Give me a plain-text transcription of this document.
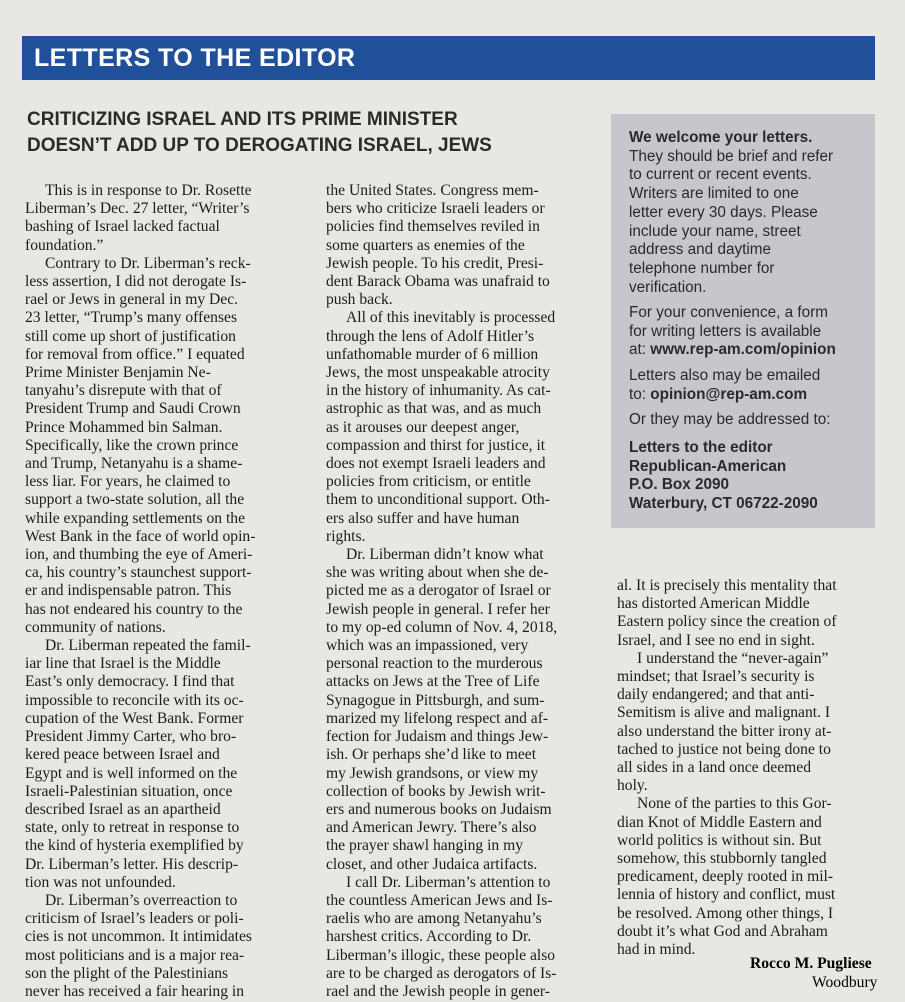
LETTERS TO THE EDITOR
CRITICIZING ISRAEL AND ITS PRIME MINISTER
DOESN’T ADD UP TO DEROGATING ISRAEL, JEWS	We welcome your letters.
They should be brief and refer
to current or recent events.
Writers are limited to one
letter every 30 days. Please
include your name, street
address and daytime
telephone number for
verification.
For your convenience, a form
for writing letters is available
at: www.rep-am.com/opinion
Letters also may be emailed
to: opinion@rep-am.com
Or they may be addressed to:
Letters to the editor
Republican-American
P.O. Box 2090
Waterbury, CT 06722-2090

This is in response to Dr. Rosette
Liberman’s Dec. 27 letter, “Writer’s
bashing of Israel lacked factual
foundation.”

Contrary to Dr. Liberman’s reck-
less assertion, I did not derogate Is-
rael or Jews in general in my Dec.
23 letter, “Trump’s many offenses
still come up short of justification
for removal from office.” I equated
Prime Minister Benjamin Ne-
tanyahu’s disrepute with that of
President Trump and Saudi Crown
Prince Mohammed bin Salman.
Specifically, like the crown prince
and Trump, Netanyahu is a shame-
less liar. For years, he claimed to
support a two-state solution, all the
while expanding settlements on the
West Bank in the face of world opin-
ion, and thumbing the eye of Ameri-
ca, his country’s staunchest support-
er and indispensable patron. This
has not endeared his country to the
community of nations.

Dr. Liberman repeated the famil-
iar line that Israel is the Middle
East’s only democracy. I find that
impossible to reconcile with its oc-
cupation of the West Bank. Former
President Jimmy Carter, who bro-
kered peace between Israel and
Egypt and is well informed on the
Israeli-Palestinian situation, once
described Israel as an apartheid
state, only to retreat in response to
the kind of hysteria exemplified by
Dr. Liberman’s letter. His descrip-
tion was not unfounded.

Dr. Liberman’s overreaction to
criticism of Israel’s leaders or poli-
cies is not uncommon. It intimidates
most politicians and is a major rea-
son the plight of the Palestinians
never has received a fair hearing in

the United States. Congress mem-
bers who criticize Israeli leaders or
policies find themselves reviled in
some quarters as enemies of the
Jewish people. To his credit, Presi-
dent Barack Obama was unafraid to
push back.

All of this inevitably is processed
through the lens of Adolf Hitler’s
unfathomable murder of 6 million
Jews, the most unspeakable atrocity
in the history of inhumanity. As cat-
astrophic as that was, and as much
as it arouses our deepest anger,
compassion and thirst for justice, it
does not exempt Israeli leaders and
policies from criticism, or entitle
them to unconditional support. Oth-
ers also suffer and have human
rights.

Dr. Liberman didn’t know what
she was writing about when she de-
picted me as a derogator of Israel or
Jewish people in general. I refer her
to my op-ed column of Nov. 4, 2018,
which was an impassioned, very
personal reaction to the murderous
attacks on Jews at the Tree of Life
Synagogue in Pittsburgh, and sum-
marized my lifelong respect and af-
fection for Judaism and things Jew-
ish. Or perhaps she’d like to meet
my Jewish grandsons, or view my
collection of books by Jewish writ-
ers and numerous books on Judaism
and American Jewry. There’s also
the prayer shawl hanging in my
closet, and other Judaica artifacts.

I call Dr. Liberman’s attention to
the countless American Jews and Is-
raelis who are among Netanyahu’s
harshest critics. According to Dr.
Liberman’s illogic, these people also
are to be charged as derogators of Is-
rael and the Jewish people in gener-

al. It is precisely this mentality that
has distorted American Middle
Eastern policy since the creation of
Israel, and I see no end in sight.

I understand the “never-again”
mindset; that Israel’s security is
daily endangered; and that anti-
Semitism is alive and malignant. I
also understand the bitter irony at-
tached to justice not being done to
all sides in a land once deemed
holy.

None of the parties to this Gor-
dian Knot of Middle Eastern and
world politics is without sin. But
somehow, this stubbornly tangled
predicament, deeply rooted in mil-
lennia of history and conflict, must
be resolved. Among other things, I
doubt it’s what God and Abraham
had in mind.

Rocco M. Pugliese
Woodbury
